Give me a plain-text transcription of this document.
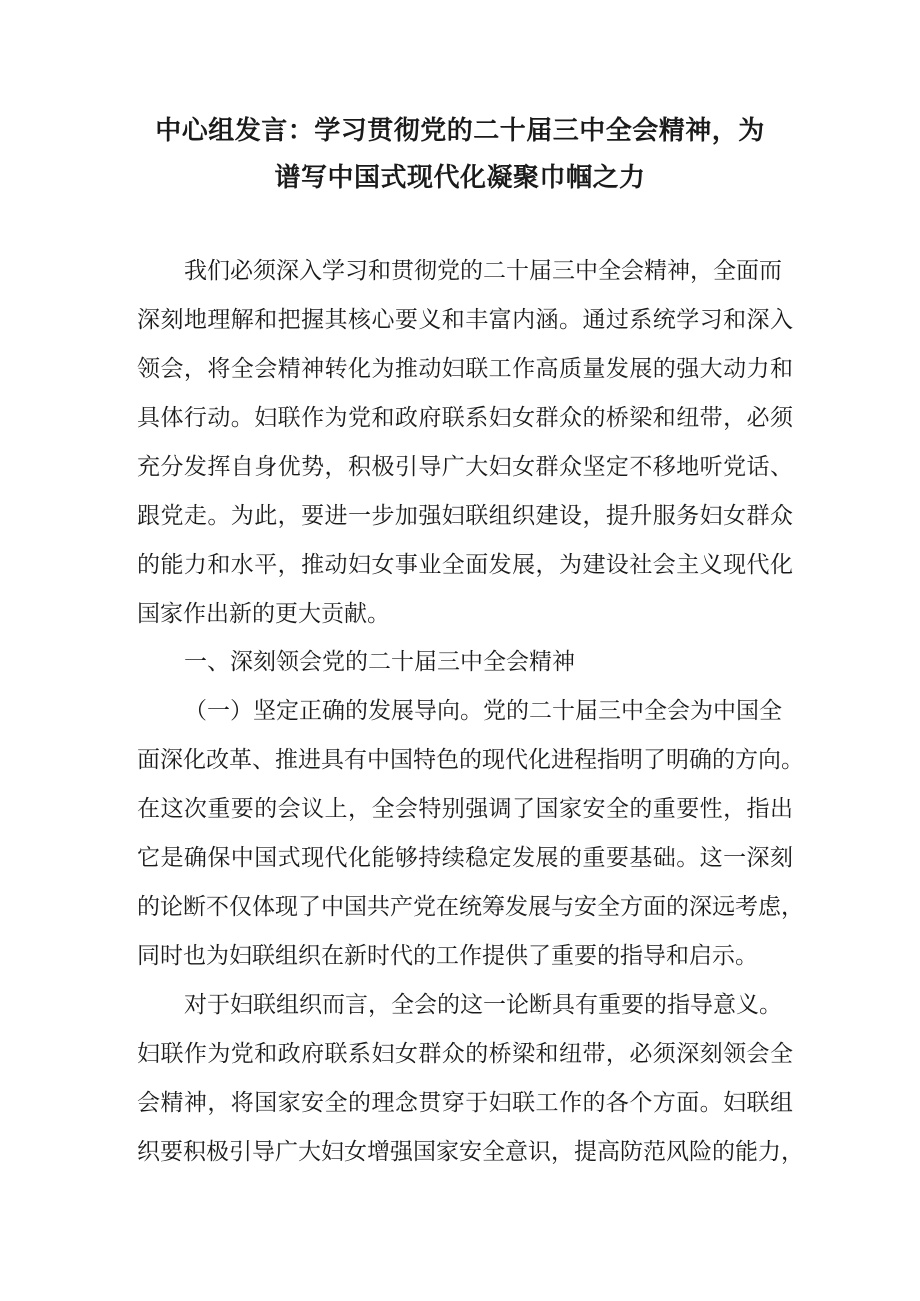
中心组发言：学习贯彻党的二十届三中全会精神，为
谱写中国式现代化凝聚巾帼之力

我们必须深入学习和贯彻党的二十届三中全会精神，全面而

深刻地理解和把握其核心要义和丰富内涵。通过系统学习和深入

领会，将全会精神转化为推动妇联工作高质量发展的强大动力和

具体行动。妇联作为党和政府联系妇女群众的桥梁和纽带，必须

充分发挥自身优势，积极引导广大妇女群众坚定不移地听党话、

跟党走。为此，要进一步加强妇联组织建设，提升服务妇女群众

的能力和水平，推动妇女事业全面发展，为建设社会主义现代化

国家作出新的更大贡献。

一、深刻领会党的二十届三中全会精神

（一）坚定正确的发展导向。党的二十届三中全会为中国全

面深化改革、推进具有中国特色的现代化进程指明了明确的方向。

在这次重要的会议上，全会特别强调了国家安全的重要性，指出

它是确保中国式现代化能够持续稳定发展的重要基础。这一深刻

的论断不仅体现了中国共产党在统筹发展与安全方面的深远考虑，

同时也为妇联组织在新时代的工作提供了重要的指导和启示。

对于妇联组织而言，全会的这一论断具有重要的指导意义。

妇联作为党和政府联系妇女群众的桥梁和纽带，必须深刻领会全

会精神，将国家安全的理念贯穿于妇联工作的各个方面。妇联组

织要积极引导广大妇女增强国家安全意识，提高防范风险的能力，
